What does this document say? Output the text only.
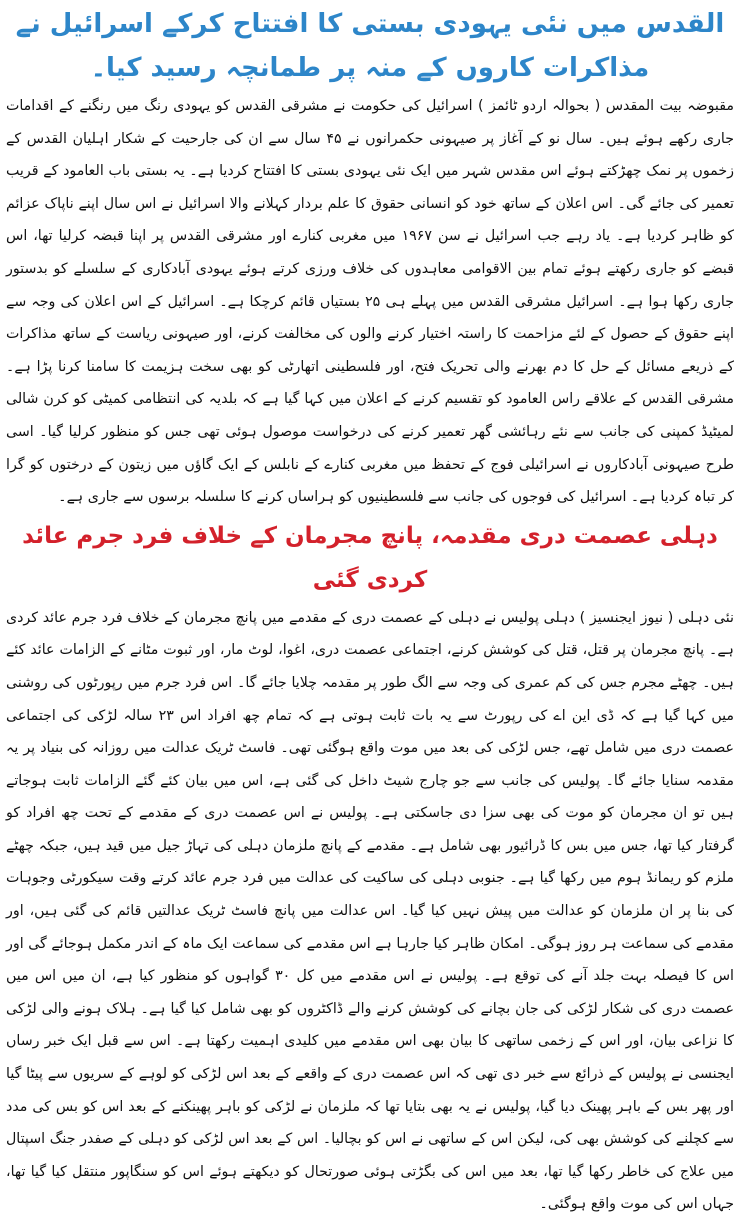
القدس میں نئی یہودی بستی کا افتتاح کرکے اسرائیل نے مذاکرات کاروں کے منہ پر طمانچہ رسید کیا۔

مقبوضہ بیت المقدس ( بحوالہ اردو ٹائمز ) اسرائیل کی حکومت نے مشرقی القدس کو یہودی رنگ میں رنگنے کے اقدامات جاری رکھے ہوئے ہیں۔ سال نو کے آغاز پر صیہونی حکمرانوں نے ۴۵ سال سے ان کی جارحیت کے شکار اہلیان القدس کے زخموں پر نمک چھڑکتے ہوئے اس مقدس شہر میں ایک نئی یہودی بستی کا افتتاح کردیا ہے۔ یہ بستی باب العامود کے قریب تعمیر کی جائے گی۔ اس اعلان کے ساتھ خود کو انسانی حقوق کا علم بردار کہلانے والا اسرائیل نے اس سال اپنے ناپاک عزائم کو ظاہر کردیا ہے۔ یاد رہے جب اسرائیل نے سن ۱۹۶۷ میں مغربی کنارے اور مشرقی القدس پر اپنا قبضہ کرلیا تھا، اس قبضے کو جاری رکھتے ہوئے تمام بین الاقوامی معاہدوں کی خلاف ورزی کرتے ہوئے یہودی آبادکاری کے سلسلے کو بدستور جاری رکھا ہوا ہے۔ اسرائیل مشرقی القدس میں پہلے ہی ۲۵ بستیاں قائم کرچکا ہے۔ اسرائیل کے اس اعلان کی وجہ سے اپنے حقوق کے حصول کے لئے مزاحمت کا راستہ اختیار کرنے والوں کی مخالفت کرنے، اور صیہونی ریاست کے ساتھ مذاکرات کے ذریعے مسائل کے حل کا دم بھرنے والی تحریک فتح، اور فلسطینی اتھارٹی کو بھی سخت ہزیمت کا سامنا کرنا پڑا ہے۔ مشرقی القدس کے علاقے راس العامود کو تقسیم کرنے کے اعلان میں کہا گیا ہے کہ بلدیہ کی انتظامی کمیٹی کو کرن شالی لمیٹیڈ کمپنی کی جانب سے نئے رہائشی گھر تعمیر کرنے کی درخواست موصول ہوئی تھی جس کو منظور کرلیا گیا۔ اسی طرح صیہونی آبادکاروں نے اسرائیلی فوج کے تحفظ میں مغربی کنارے کے نابلس کے ایک گاؤں میں زیتون کے درختوں کو گرا کر تباہ کردیا ہے۔ اسرائیل کی فوجوں کی جانب سے فلسطینیوں کو ہراساں کرنے کا سلسلہ برسوں سے جاری ہے۔

دہلی عصمت دری مقدمہ، پانچ مجرمان کے خلاف فرد جرم عائد کردی گئی

نئی دہلی ( نیوز ایجنسیز ) دہلی پولیس نے دہلی کے عصمت دری کے مقدمے میں پانچ مجرمان کے خلاف فرد جرم عائد کردی ہے۔ پانچ مجرمان پر قتل، قتل کی کوشش کرنے، اجتماعی عصمت دری، اغوا، لوٹ مار، اور ثبوت مٹانے کے الزامات عائد کئے ہیں۔ چھٹے مجرم جس کی کم عمری کی وجہ سے الگ طور پر مقدمہ چلایا جائے گا۔ اس فرد جرم میں رپورٹوں کی روشنی میں کہا گیا ہے کہ ڈی این اے کی رپورٹ سے یہ بات ثابت ہوتی ہے کہ تمام چھ افراد اس ۲۳ سالہ لڑکی کی اجتماعی عصمت دری میں شامل تھے، جس لڑکی کی بعد میں موت واقع ہوگئی تھی۔ فاسٹ ٹریک عدالت میں روزانہ کی بنیاد پر یہ مقدمہ سنایا جائے گا۔ پولیس کی جانب سے جو چارج شیٹ داخل کی گئی ہے، اس میں بیان کئے گئے الزامات ثابت ہوجاتے ہیں تو ان مجرمان کو موت کی بھی سزا دی جاسکتی ہے۔ پولیس نے اس عصمت دری کے مقدمے کے تحت چھ افراد کو گرفتار کیا تھا، جس میں بس کا ڈرائیور بھی شامل ہے۔ مقدمے کے پانچ ملزمان دہلی کی تہاڑ جیل میں قید ہیں، جبکہ چھٹے ملزم کو ریمانڈ ہوم میں رکھا گیا ہے۔ جنوبی دہلی کی ساکیت کی عدالت میں فرد جرم عائد کرتے وقت سیکورٹی وجوہات کی بنا پر ان ملزمان کو عدالت میں پیش نہیں کیا گیا۔ اس عدالت میں پانچ فاسٹ ٹریک عدالتیں قائم کی گئی ہیں، اور مقدمے کی سماعت ہر روز ہوگی۔ امکان ظاہر کیا جارہا ہے اس مقدمے کی سماعت ایک ماہ کے اندر مکمل ہوجائے گی اور اس کا فیصلہ بہت جلد آنے کی توقع ہے۔ پولیس نے اس مقدمے میں کل ۳۰ گواہوں کو منظور کیا ہے، ان میں اس میں عصمت دری کی شکار لڑکی کی جان بچانے کی کوشش کرنے والے ڈاکٹروں کو بھی شامل کیا گیا ہے۔ ہلاک ہونے والی لڑکی کا نزاعی بیان، اور اس کے زخمی ساتھی کا بیان بھی اس مقدمے میں کلیدی اہمیت رکھتا ہے۔ اس سے قبل ایک خبر رساں ایجنسی نے پولیس کے ذرائع سے خبر دی تھی کہ اس عصمت دری کے واقعے کے بعد اس لڑکی کو لوہے کے سریوں سے پیٹا گیا اور پھر بس کے باہر پھینک دیا گیا، پولیس نے یہ بھی بتایا تھا کہ ملزمان نے لڑکی کو باہر پھینکنے کے بعد اس کو بس کی مدد سے کچلنے کی کوشش بھی کی، لیکن اس کے ساتھی نے اس کو بچالیا۔ اس کے بعد اس لڑکی کو دہلی کے صفدر جنگ اسپتال میں علاج کی خاطر رکھا گیا تھا، بعد میں اس کی بگڑتی ہوئی صورتحال کو دیکھتے ہوئے اس کو سنگاپور منتقل کیا گیا تھا، جہاں اس کی موت واقع ہوگئی۔
